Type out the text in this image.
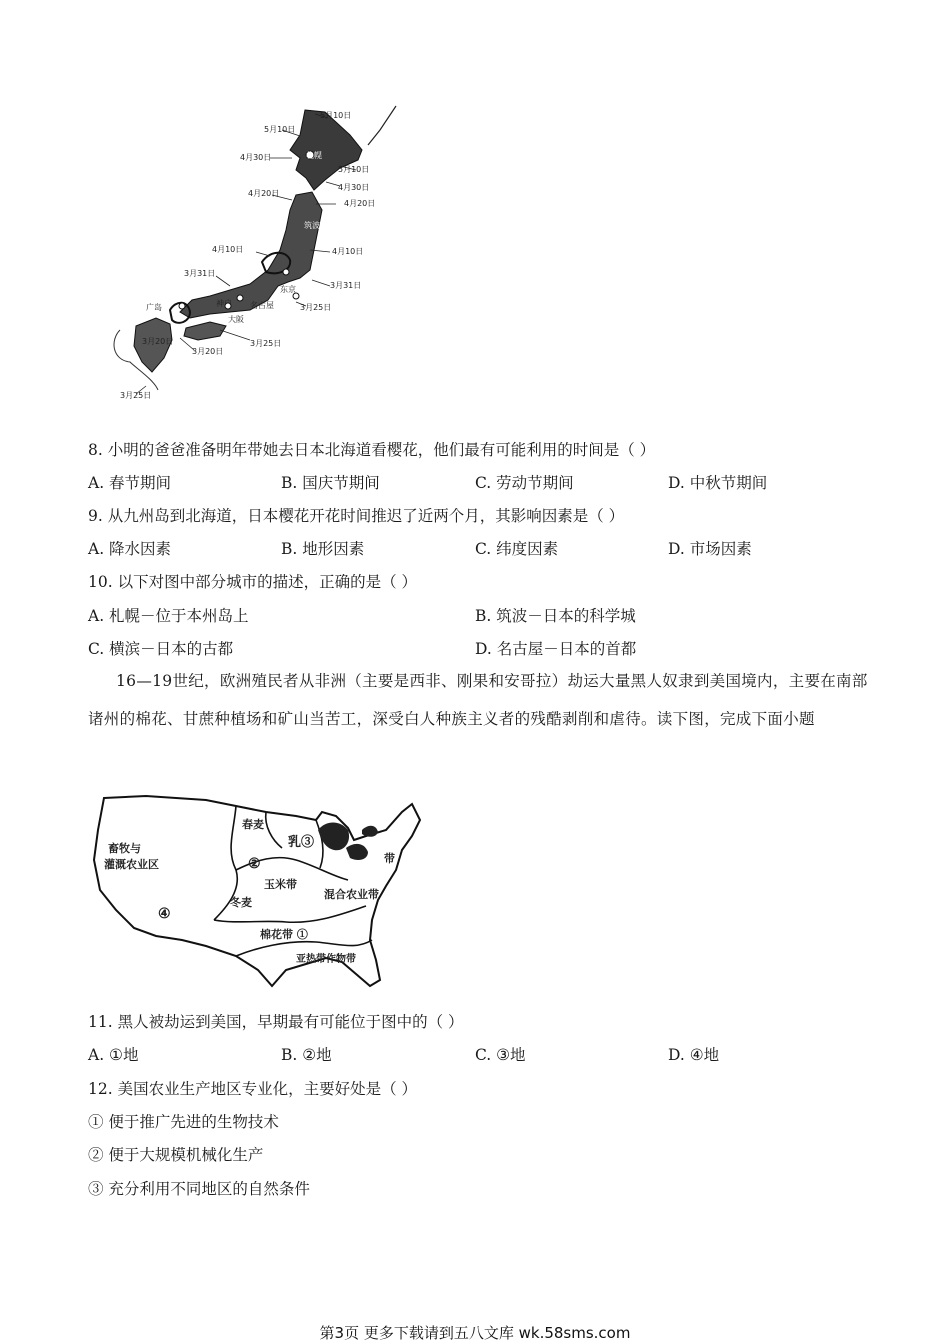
5月10日
5月10日
4月30日
5月10日
4月30日
4月20日
4月20日
4月10日	4月10日
3月31日
3月31日
3月25日
3月25日
3月20日
3月20日
3月25日
札幌
筑波
广岛	神户 名古屋
大阪
东京
8. 小明的爸爸准备明年带她去日本北海道看樱花，他们最有可能利用的时间是（ ）
A. 春节期间	B. 国庆节期间	C. 劳动节期间	D. 中秋节期间
9. 从九州岛到北海道，日本樱花开花时间推迟了近两个月，其影响因素是（ ）
A. 降水因素	B. 地形因素	C. 纬度因素	D. 市场因素
10. 以下对图中部分城市的描述，正确的是（ ）
A. 札幌－位于本州岛上	B. 筑波－日本的科学城
C. 横滨－日本的古都	D. 名古屋－日本的首都
16—19世纪，欧洲殖民者从非洲（主要是西非、刚果和安哥拉）劫运大量黑人奴隶到美国境内，主要在南部诸州的棉花、甘蔗种植场和矿山当苦工，深受白人种族主义者的残酷剥削和虐待。读下图，完成下面小题
畜牧与
灌溉农业区
④
②
玉米带
乳③
带
冬麦
春麦
混合农业带
棉花带 ①
亚热带作物带
11. 黑人被劫运到美国，早期最有可能位于图中的（ ）
A. ①地	B. ②地	C. ③地	D. ④地
12. 美国农业生产地区专业化，主要好处是（ ）
① 便于推广先进的生物技术
② 便于大规模机械化生产
③ 充分利用不同地区的自然条件
第3页 更多下载请到五八文库 wk.58sms.com
